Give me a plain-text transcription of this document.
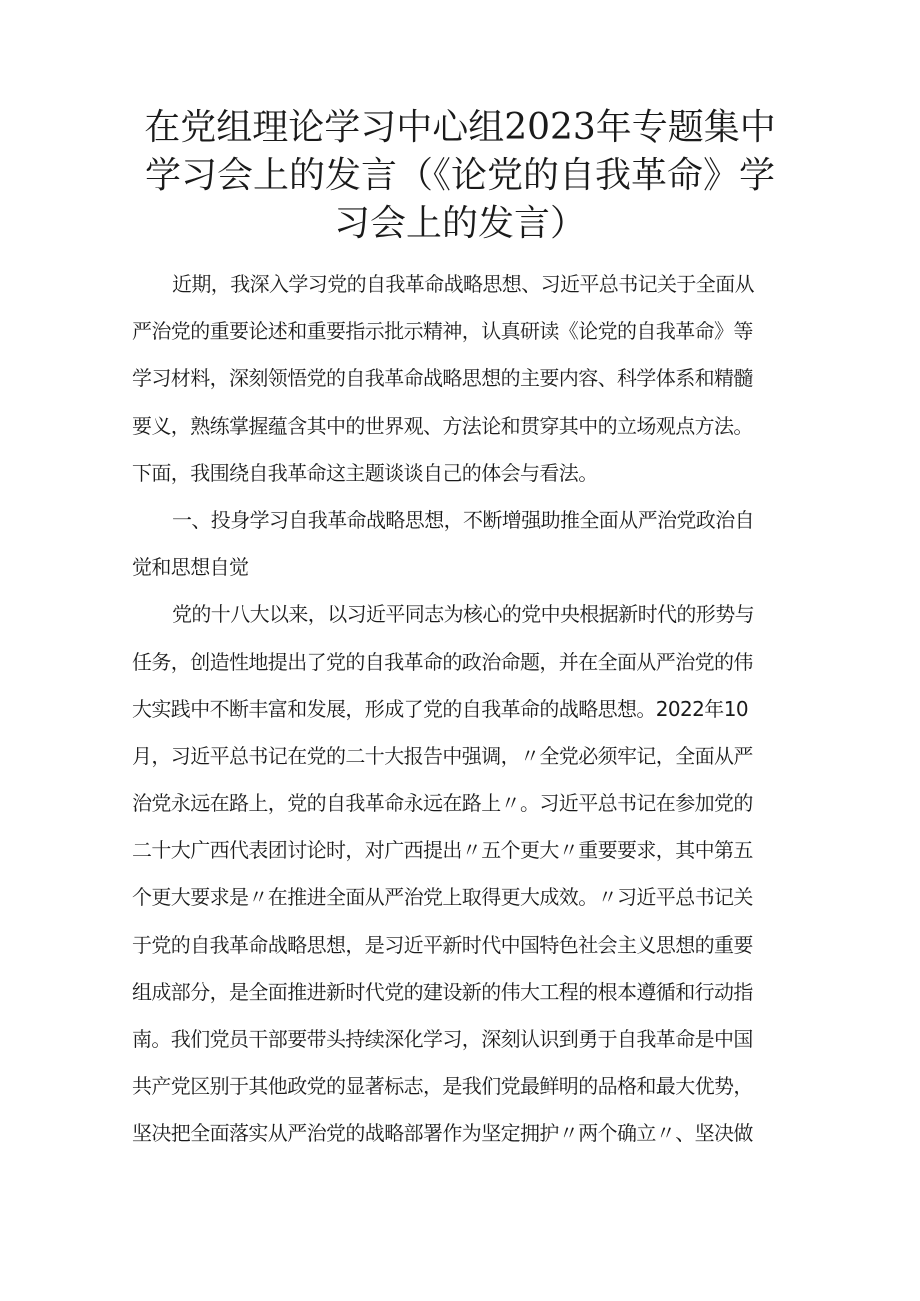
在党组理论学习中心组2023年专题集中
学习会上的发言（《论党的自我革命》学
习会上的发言）
近期，我深入学习党的自我革命战略思想、习近平总书记关于全面从
严治党的重要论述和重要指示批示精神，认真研读《论党的自我革命》等
学习材料，深刻领悟党的自我革命战略思想的主要内容、科学体系和精髓
要义，熟练掌握蕴含其中的世界观、方法论和贯穿其中的立场观点方法。
下面，我围绕自我革命这主题谈谈自己的体会与看法。
一、投身学习自我革命战略思想，不断增强助推全面从严治党政治自
觉和思想自觉
党的十八大以来，以习近平同志为核心的党中央根据新时代的形势与
任务，创造性地提出了党的自我革命的政治命题，并在全面从严治党的伟
大实践中不断丰富和发展，形成了党的自我革命的战略思想。2022年10
月，习近平总书记在党的二十大报告中强调，〃全党必须牢记，全面从严
治党永远在路上，党的自我革命永远在路上〃。习近平总书记在参加党的
二十大广西代表团讨论时，对广西提出〃五个更大〃重要要求，其中第五
个更大要求是〃在推进全面从严治党上取得更大成效。〃习近平总书记关
于党的自我革命战略思想，是习近平新时代中国特色社会主义思想的重要
组成部分，是全面推进新时代党的建设新的伟大工程的根本遵循和行动指
南。我们党员干部要带头持续深化学习，深刻认识到勇于自我革命是中国
共产党区别于其他政党的显著标志，是我们党最鲜明的品格和最大优势，
坚决把全面落实从严治党的战略部署作为坚定拥护〃两个确立〃、坚决做
